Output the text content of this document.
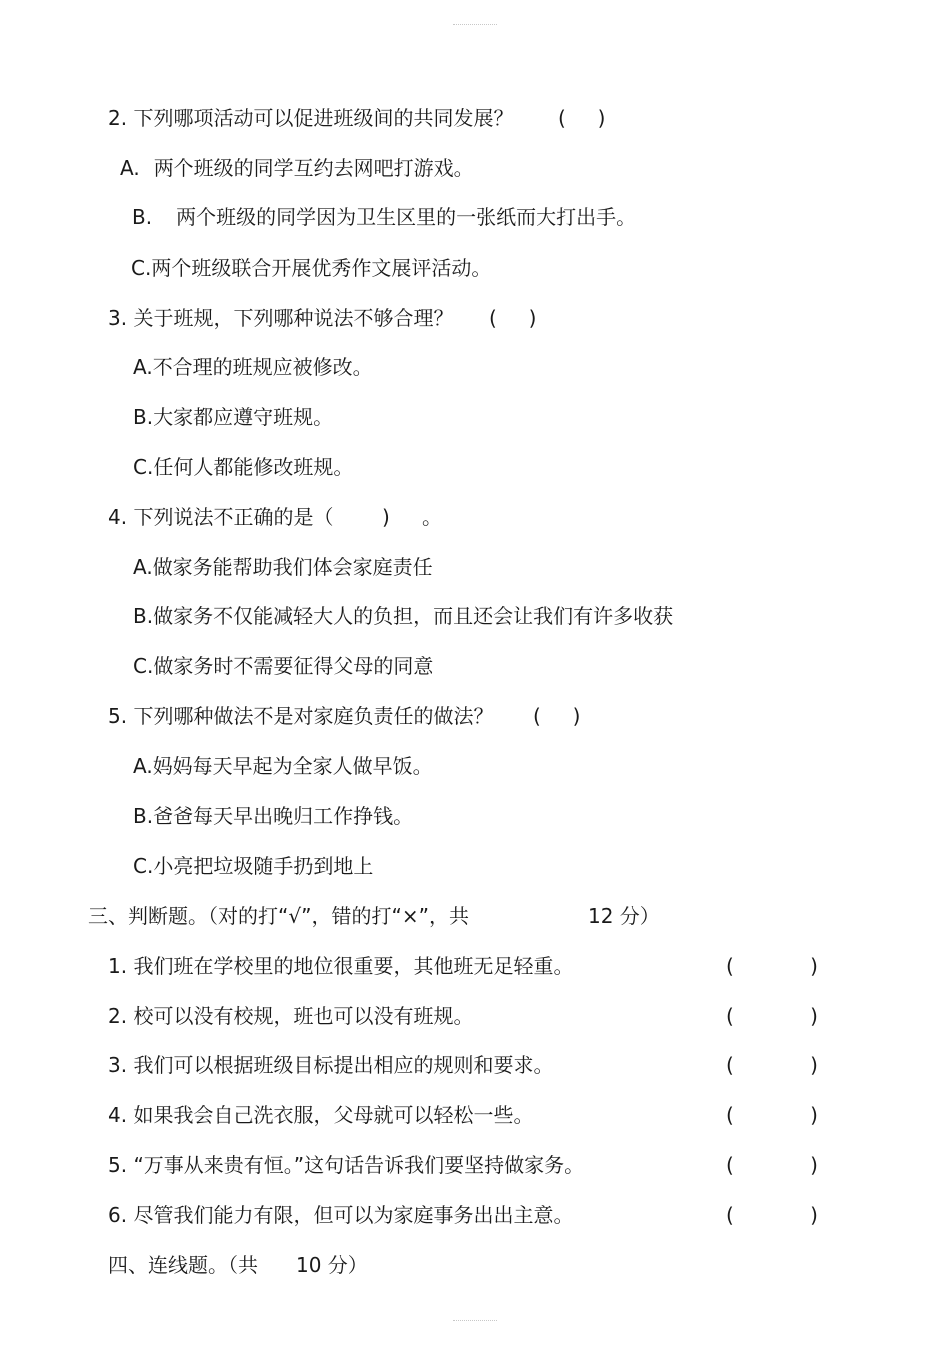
2. 下列哪项活动可以促进班级间的共同发展？ (     )
A. 两个班级的同学互约去网吧打游戏。
B. 两个班级的同学因为卫生区里的一张纸而大打出手。
C.两个班级联合开展优秀作文展评活动。
3. 关于班规，下列哪种说法不够合理？ (     )
A.不合理的班规应被修改。
B.大家都应遵守班规。
C.任何人都能修改班规。
4. 下列说法不正确的是（ ) 。
A.做家务能帮助我们体会家庭责任
B.做家务不仅能减轻大人的负担，而且还会让我们有许多收获
C.做家务时不需要征得父母的同意
5. 下列哪种做法不是对家庭负责任的做法？ (     )
A.妈妈每天早起为全家人做早饭。
B.爸爸每天早出晚归工作挣钱。
C.小亮把垃圾随手扔到地上
三、判断题。（对的打“√”，错的打“×”，共	12 分）
1. 我们班在学校里的地位很重要，其他班无足轻重。	(            )
2. 校可以没有校规，班也可以没有班规。	(            )
3. 我们可以根据班级目标提出相应的规则和要求。	(            )
4. 如果我会自己洗衣服，父母就可以轻松一些。	(            )
5. “万事从来贵有恒。”这句话告诉我们要坚持做家务。	(            )
6. 尽管我们能力有限，但可以为家庭事务出出主意。	(            )
四、连线题。（共 10 分）
